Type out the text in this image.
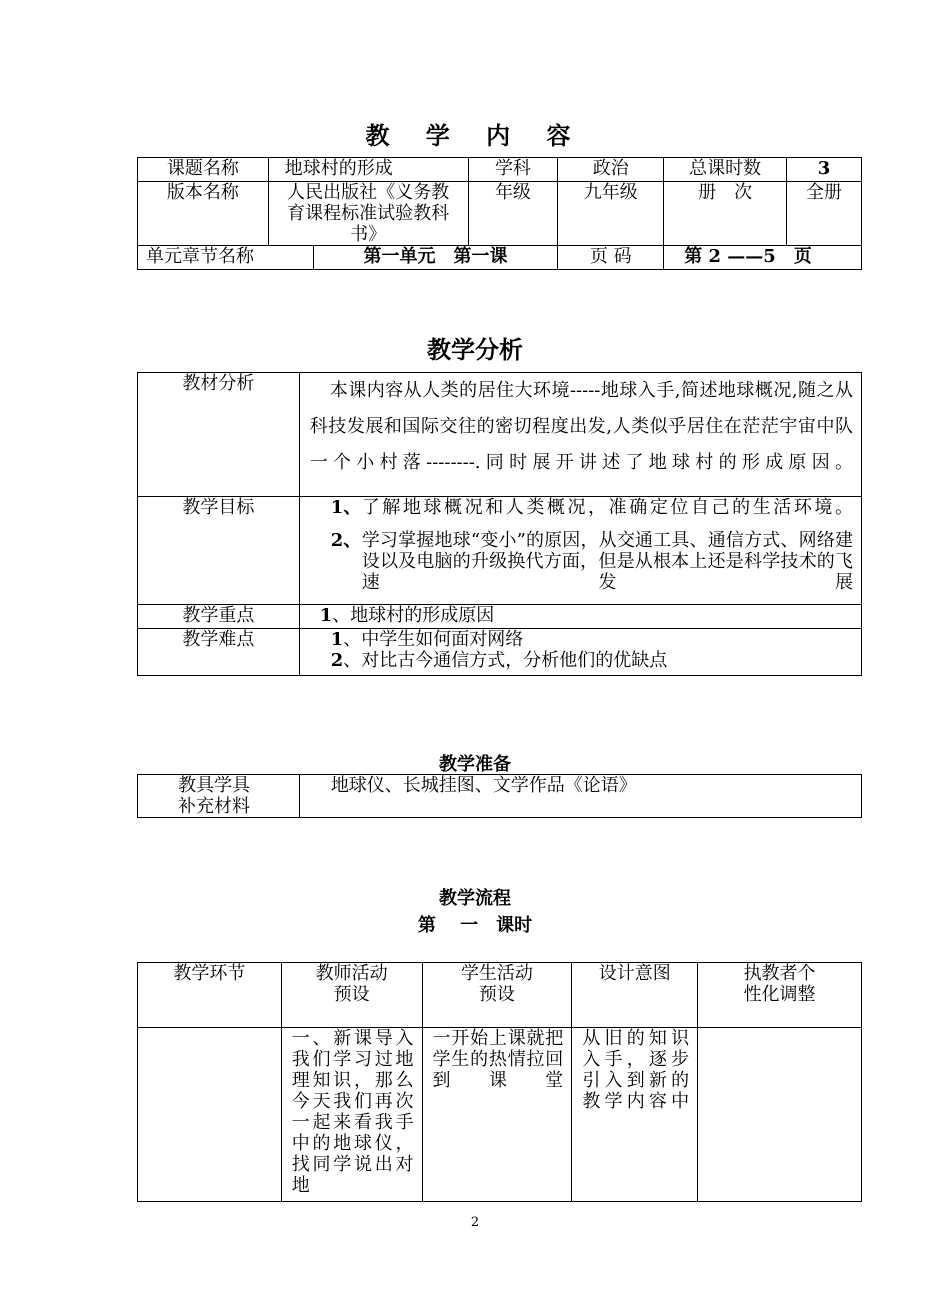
教 学 内 容
课题名称	地球村的形成		学科	政治	总课时数	3
版本名称	人民出版社《义务教育课程标准试验教科书》		年级	九年级	册　次	全册
单元章节名称		第一单元　第一课		页 码	第 2 ——5　页	
教学分析
教材分析	本课内容从人类的居住大环境-----地球入手,简述地球概况,随之从科技发展和国际交往的密切程度出发,人类似乎居住在茫茫宇宙中队一个小村落--------.同时展开讲述了地球村的形成原因。

教学目标	1、 了解地球概况和人类概况，准确定位自己的生活环境。
2、 学习掌握地球“变小”的原因，从交通工具、通信方式、网络建设以及电脑的升级换代方面，但是从根本上还是科学技术的飞速发展

教学重点	1、地球村的形成原因
教学难点	1、中学生如何面对网络
2、对比古今通信方式，分析他们的优缺点
教学准备
教具学具
补充材料
	地球仪、长城挂图、文学作品《论语》
教学流程
第　 一　课时
教学环节	教师活动预设	学生活动预设	设计意图	执教者个性化调整
	一、新课导入我们学习过地理知识，那么今天我们再次一起来看我手中的地球仪，找同学说出对地	一开始上课就把学生的热情拉回到课堂	从旧的知识入手，逐步引入到新的教学内容中	
2
